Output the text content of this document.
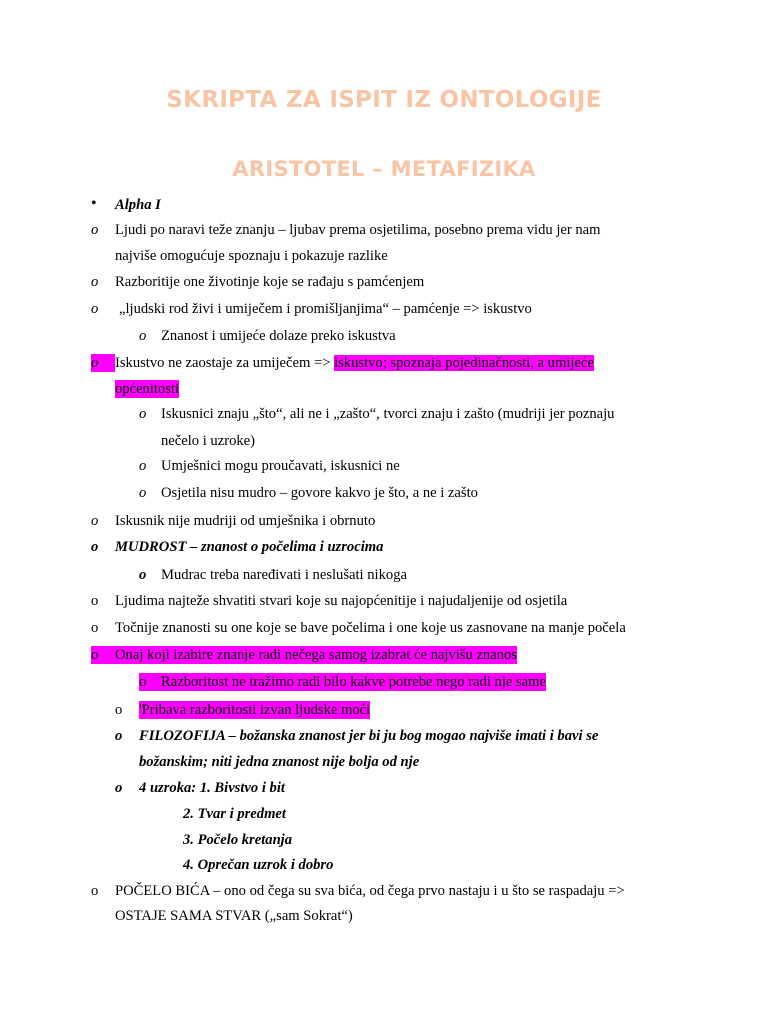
SKRIPTA ZA ISPIT IZ ONTOLOGIJE
ARISTOTEL – METAFIZIKA
• Alpha I
o Ljudi po naravi teže znanju – ljubav prema osjetilima, posebno prema vidu jer nam
najviše omogućuje spoznaju i pokazuje razlike
o Razboritije one životinje koje se rađaju s pamćenjem
o „ljudski rod živi i umiječem i promišljanjima“ – pamćenje => iskustvo
o Znanost i umijeće dolaze preko iskustva
o Iskustvo ne zaostaje za umiječem => iskustvo; spoznaja pojedinačnosti, a umijeće
općenitosti
o Iskusnici znaju „što“, ali ne i „zašto“, tvorci znaju i zašto (mudriji jer poznaju
nečelo i uzroke)
o Umješnici mogu proučavati, iskusnici ne
o Osjetila nisu mudro – govore kakvo je što, a ne i zašto
o Iskusnik nije mudriji od umješnika i obrnuto
o MUDROST – znanost o počelima i uzrocima
o Mudrac treba naređivati i neslušati nikoga
o Ljudima najteže shvatiti stvari koje su najopćenitije i najudaljenije od osjetila
o Točnije znanosti su one koje se bave počelima i one koje us zasnovane na manje počela
o Onaj koji izabire znanje radi nečega samog izabrat će najvišu znanos
o Razboritost ne tražimo radi bilo kakve potrebe nego radi nje same
o 'Pribava razboritosti izvan ljudske moći
o FILOZOFIJA – božanska znanost jer bi ju bog mogao najviše imati i bavi se
božanskim; niti jedna znanost nije bolja od nje
o 4 uzroka: 1. Bivstvo i bit
2. Tvar i predmet
3. Počelo kretanja
4. Oprečan uzrok i dobro
o POČELO BIĆA – ono od čega su sva bića, od čega prvo nastaju i u što se raspadaju =>
OSTAJE SAMA STVAR („sam Sokrat“)
